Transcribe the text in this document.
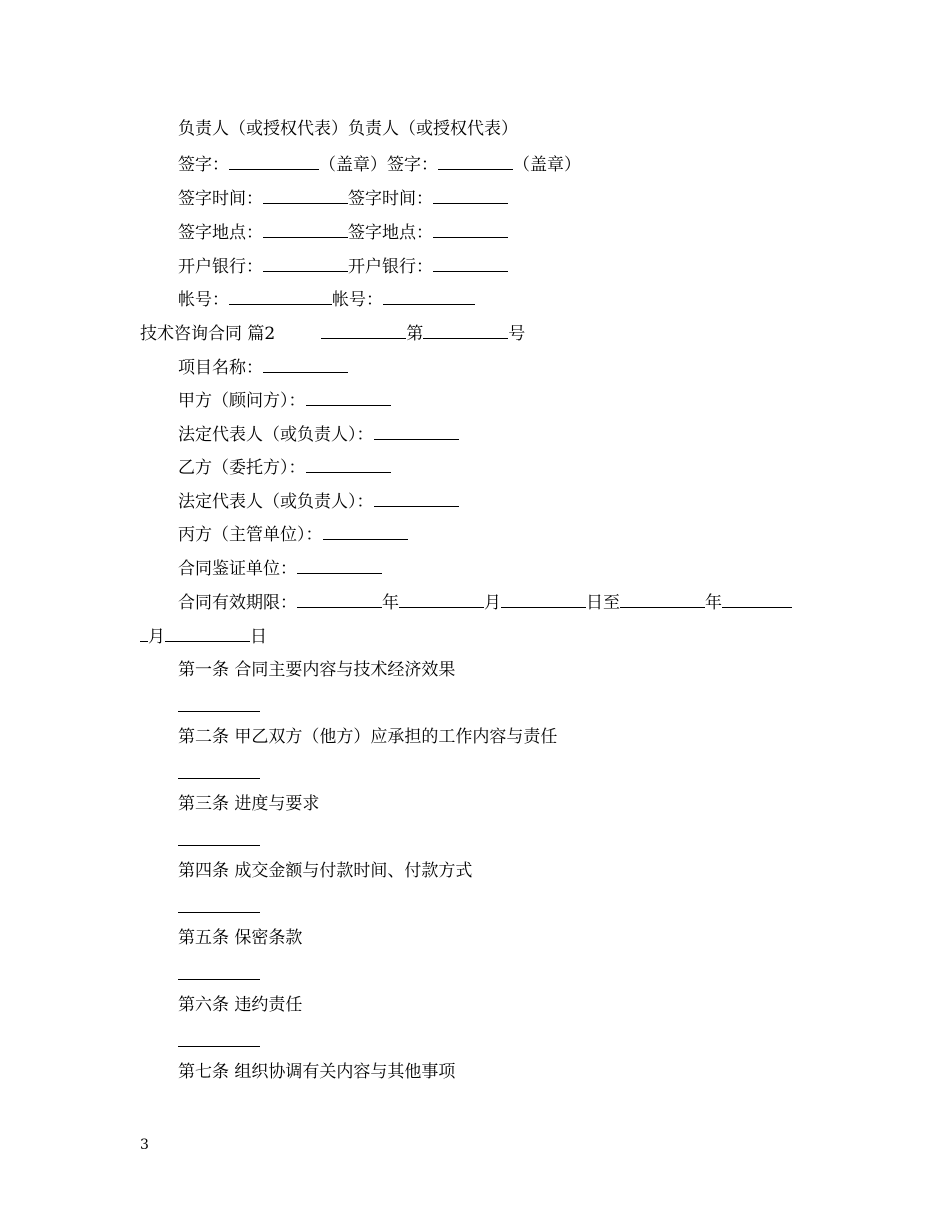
负责人（或授权代表）负责人（或授权代表）
签字：	（盖章）签字：	（盖章）
签字时间：	签字时间：
签字地点：	签字地点：
开户银行：	开户银行：
帐号：	帐号：
技术咨询合同 篇2	第	号
项目名称：
甲方（顾问方）：
法定代表人（或负责人）：
乙方（委托方）：
法定代表人（或负责人）：
丙方（主管单位）：
合同鉴证单位：
合同有效期限：	年	月	日至	年
月	日
第一条 合同主要内容与技术经济效果
第二条 甲乙双方（他方）应承担的工作内容与责任
第三条 进度与要求
第四条 成交金额与付款时间、付款方式
第五条 保密条款
第六条 违约责任
第七条 组织协调有关内容与其他事项
3
